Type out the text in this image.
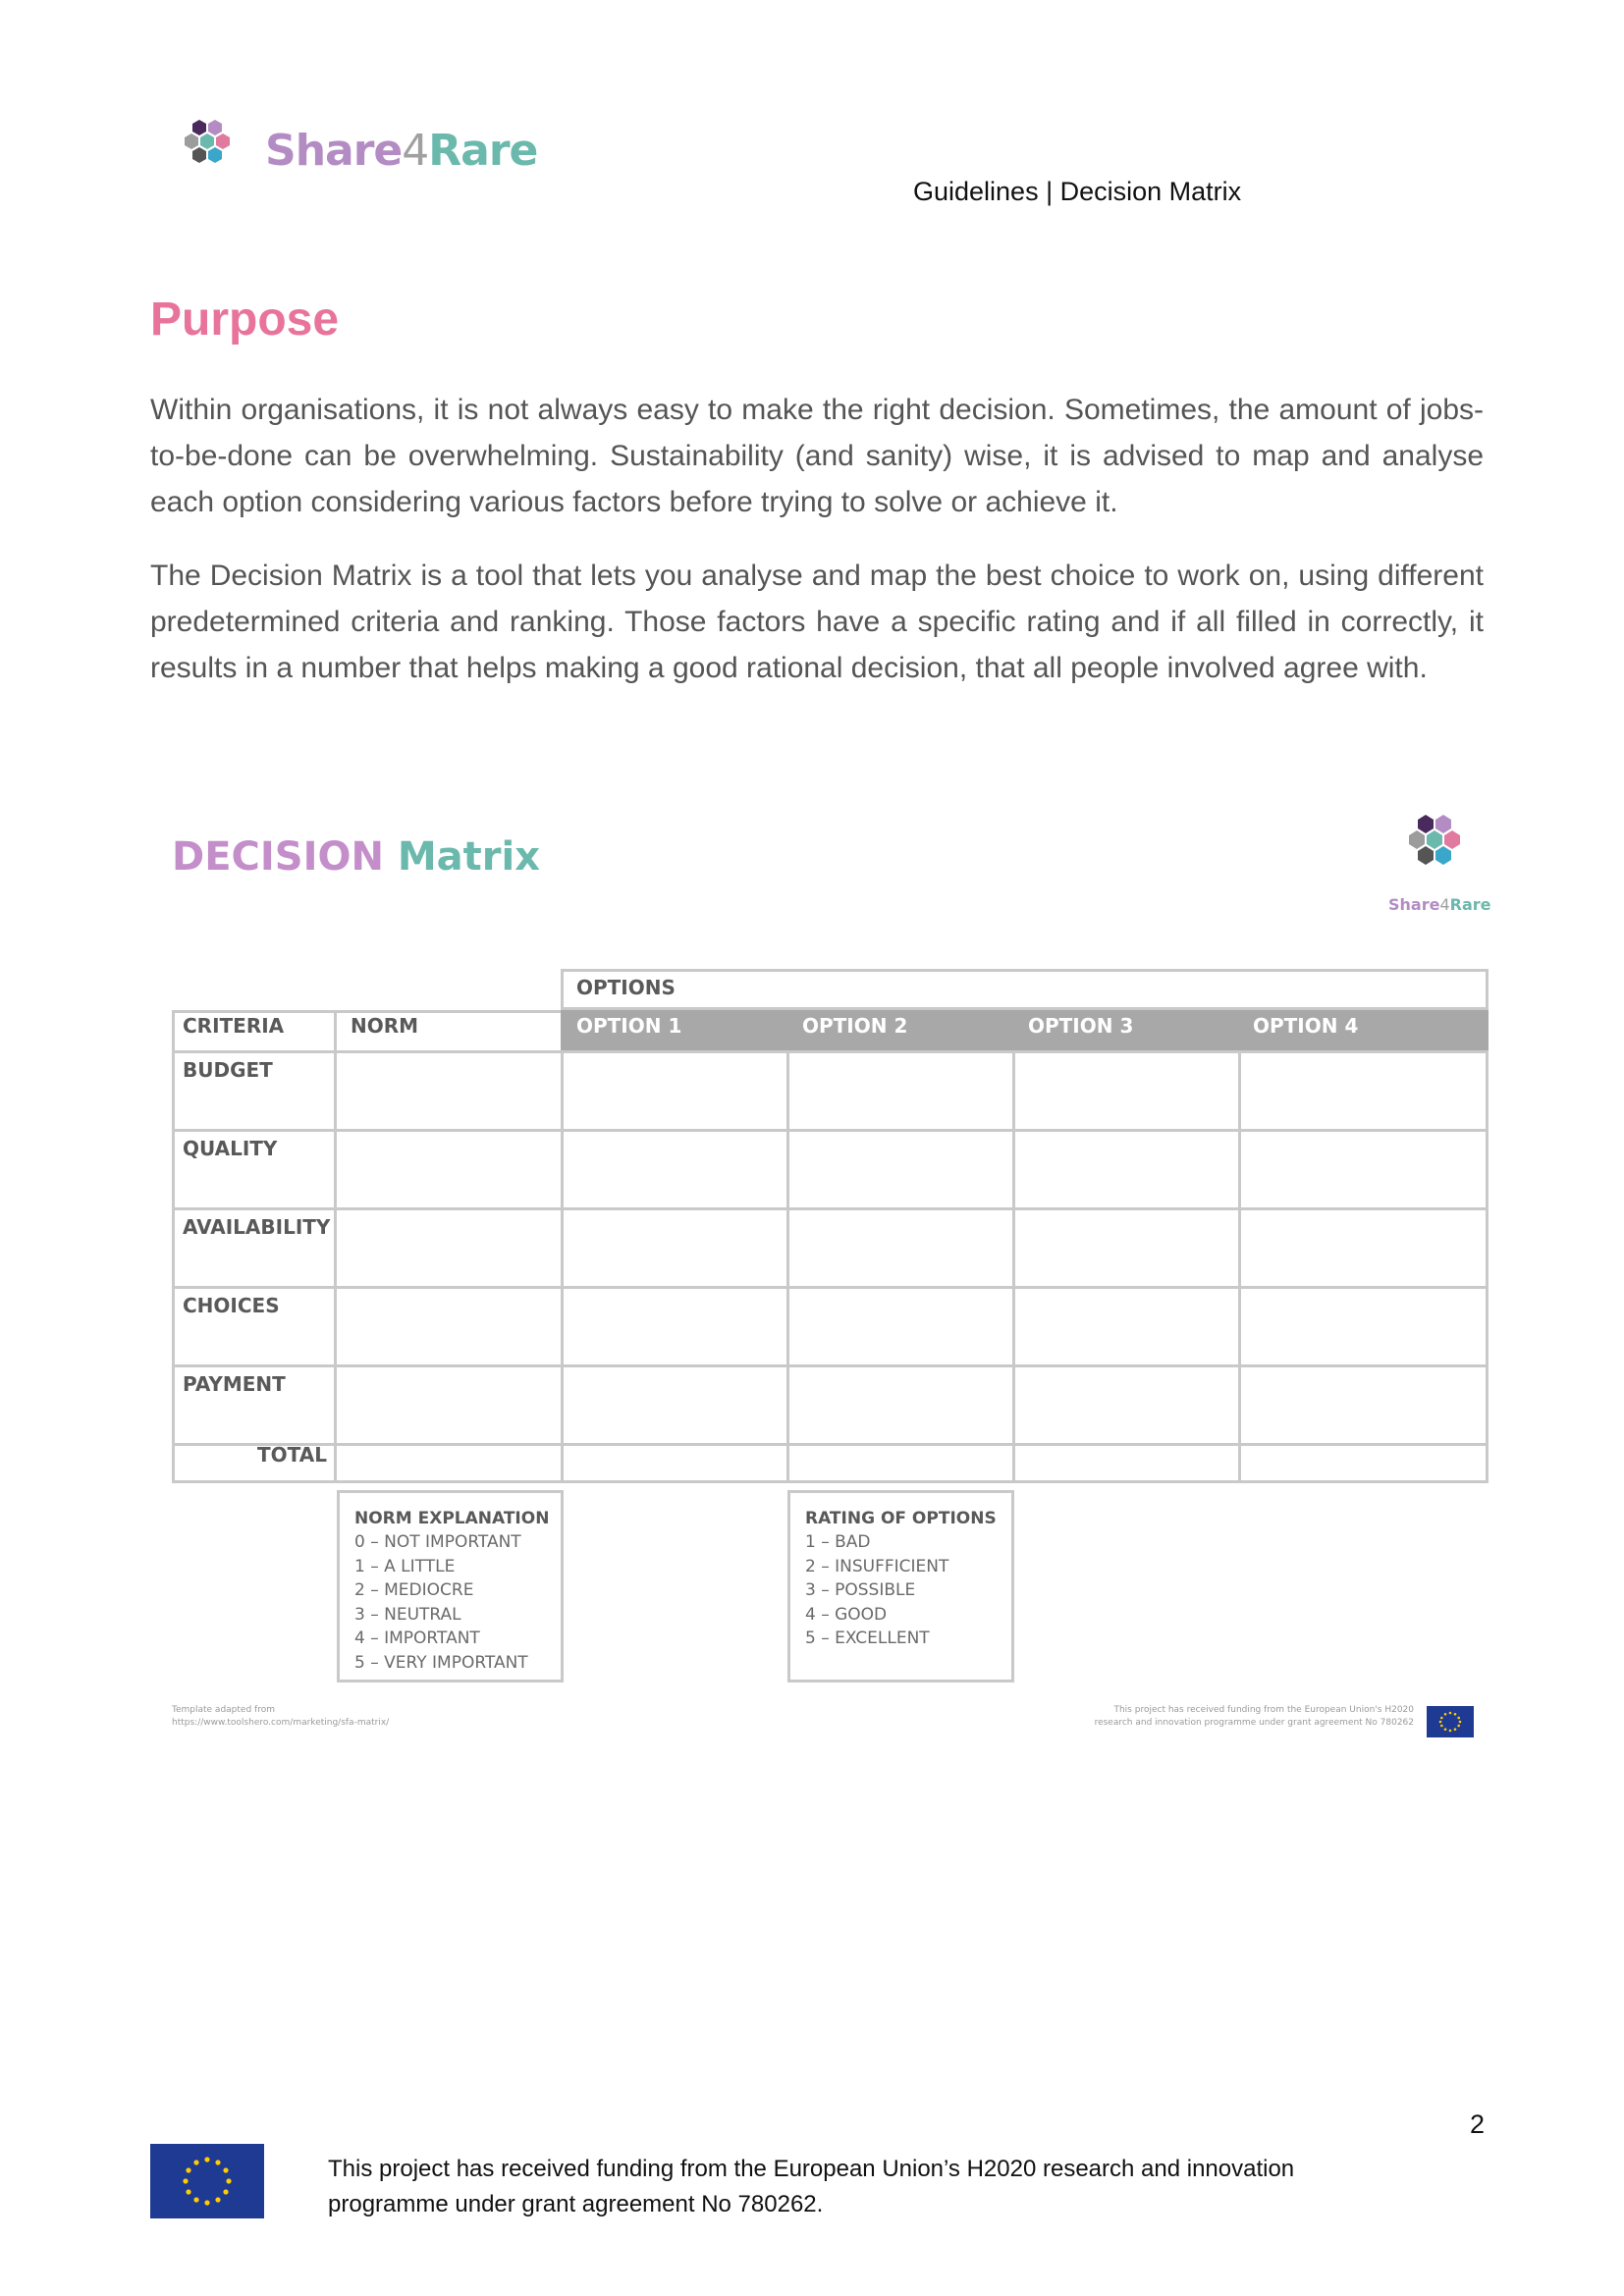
Share4Rare
Guidelines | Decision Matrix
Purpose
Within organisations, it is not always easy to make the right decision. Sometimes, the amount of jobs-to-be-done can be overwhelming. Sustainability (and sanity) wise, it is advised to map and analyse each option considering various factors before trying to solve or achieve it.
The Decision Matrix is a tool that lets you analyse and map the best choice to work on, using different predetermined criteria and ranking. Those factors have a specific rating and if all filled in correctly, it results in a number that helps making a good rational decision, that all people involved agree with.
DECISION Matrix
Share4Rare
OPTIONS
CRITERIA	NORM	OPTION 1	OPTION 2	OPTION 3	OPTION 4
BUDGET
QUALITY
AVAILABILITY
CHOICES
PAYMENT
TOTAL
NORM EXPLANATION
0 – NOT IMPORTANT
1 – A LITTLE
2 – MEDIOCRE
3 – NEUTRAL
4 – IMPORTANT
5 – VERY IMPORTANT
RATING OF OPTIONS
1 – BAD
2 – INSUFFICIENT
3 – POSSIBLE
4 – GOOD
5 – EXCELLENT
Template adapted from
https://www.toolshero.com/marketing/sfa-matrix/
This project has received funding from the European Union's H2020
research and innovation programme under grant agreement No 780262
2
This project has received funding from the European Union’s H2020 research and innovation
programme under grant agreement No 780262.
